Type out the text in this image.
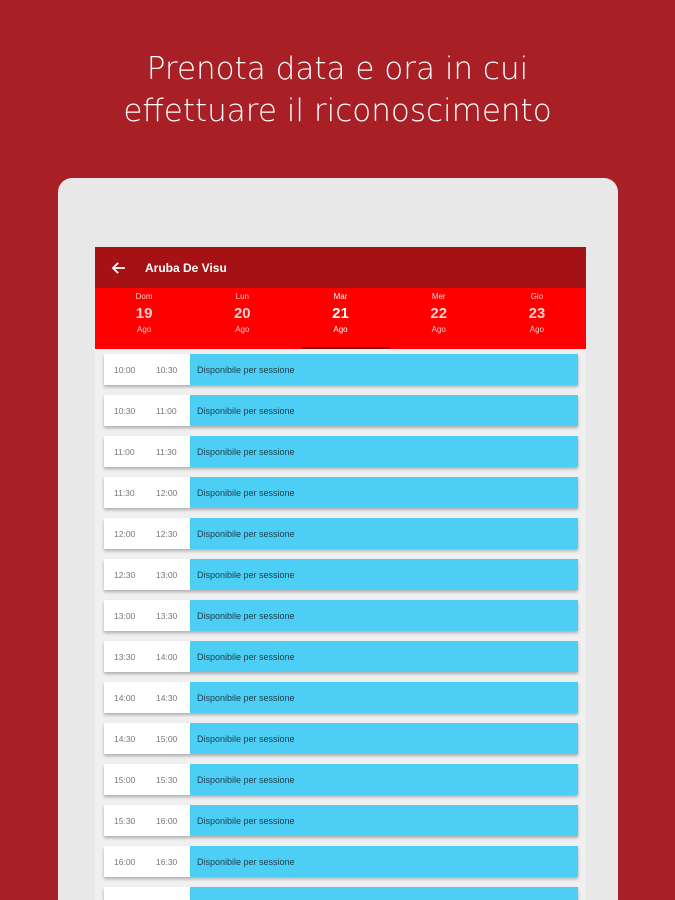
Prenota data e ora in cui
effettuare il riconoscimento
Aruba De Visu
Dom
19
Ago
Lun
20
Ago
Mar
21
Ago
Mer
22
Ago
Gio
23
Ago
10:00	10:30	Disponibile per sessione
10:30	11:00	Disponibile per sessione
11:00	11:30	Disponibile per sessione
11:30	12:00	Disponibile per sessione
12:00	12:30	Disponibile per sessione
12:30	13:00	Disponibile per sessione
13:00	13:30	Disponibile per sessione
13:30	14:00	Disponibile per sessione
14:00	14:30	Disponibile per sessione
14:30	15:00	Disponibile per sessione
15:00	15:30	Disponibile per sessione
15:30	16:00	Disponibile per sessione
16:00	16:30	Disponibile per sessione
